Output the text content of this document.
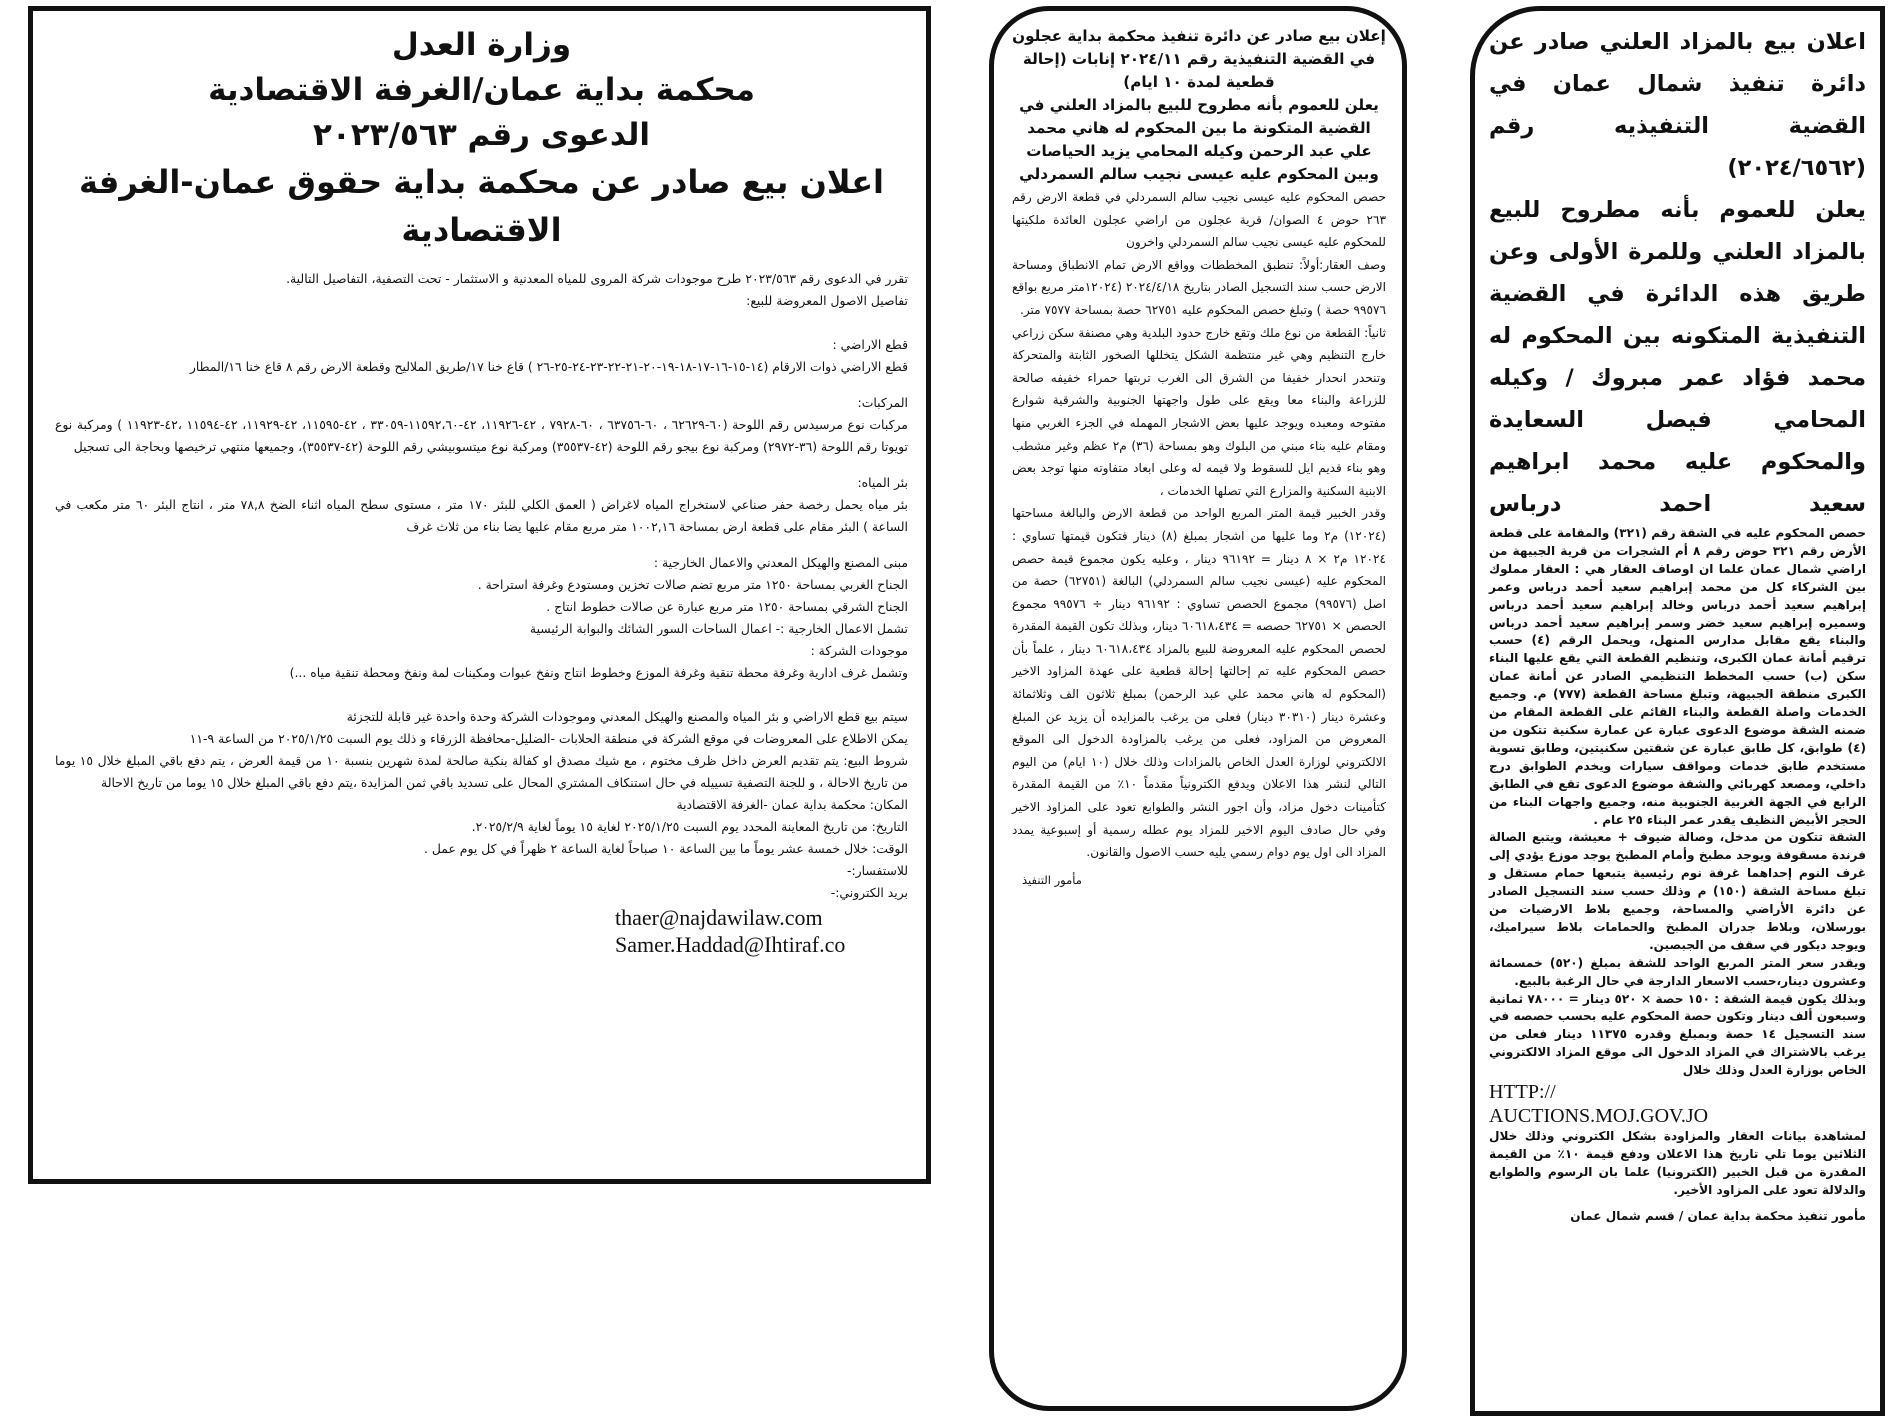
وزارة العدل

محكمة بداية عمان/الغرفة الاقتصادية

الدعوى رقم ٢٠٢٣/٥٦٣

اعلان بيع صادر عن محكمة بداية حقوق عمان-الغرفة الاقتصادية

تقرر في الدعوى رقم ٢٠٢٣/٥٦٣ طرح موجودات شركة المروى للمياه المعدنية و الاستثمار - تحت التصفية، التفاصيل التالية.

تفاصيل الاصول المعروضة للبيع:

قطع الاراضي :

قطع الاراضي ذوات الارقام (١٤-١٥-١٦-١٧-١٨-١٩-٢٠-٢١-٢٢-٢٣-٢٤-٢٥-٢٦ ) قاع خنا ١٧/طريق الملاليح وقطعة الارض رقم ٨ قاع خنا ١٦/المطار

المركبات:

مركبات نوع مرسيدس رقم اللوحة (٦٠-٦٢٦٢٩ ، ٦٠-٦٣٧٥٦ ، ٦٠-٧٩٢٨ ، ٤٢-١١٩٢٦، ٤٢-١١٥٩٢،٦٠-٣٣٠٥٩ ، ٤٢-١١٥٩٥، ٤٢-١١٩٢٩، ٤٢-١١٥٩٤ ،٤٢-١١٩٢٣ ) ومركبة نوع تويوتا رقم اللوحة (٣٦-٢٩٧٢) ومركبة نوع بيجو رقم اللوحة (٤٢-٣٥٥٣٧) ومركبة نوع ميتسوبيشي رقم اللوحة (٤٢-٣٥٥٣٧)، وجميعها منتهي ترخيصها وبحاجة الى تسجيل

بئر المياه:

بئر مياه يحمل رخصة حفر صناعي لاستخراج المياه لاغراض ( العمق الكلي للبئر ١٧٠ متر ، مستوى سطح المياه اثناء الضخ ٧٨,٨ متر ، انتاج البئر ٦٠ متر مكعب في الساعة ) البئر مقام على قطعة ارض بمساحة ١٠٠٢,١٦ متر مربع مقام عليها يضا بناء من ثلاث غرف

مبنى المصنع والهيكل المعدني والاعمال الخارجية :

الجناح الغربي بمساحة ١٢٥٠ متر مربع تضم صالات تخزين ومستودع وغرفة استراحة .

الجناح الشرقي بمساحة ١٢٥٠ متر مربع عبارة عن صالات خطوط انتاج .

تشمل الاعمال الخارجية :- اعمال الساحات السور الشائك والبوابة الرئيسية

موجودات الشركة :

وتشمل غرف ادارية وغرفة محطة تنقية وغرفة الموزع وخطوط انتاج ونفخ عبوات ومكينات لمة ونفخ ومحطة تنقية مياه ...)

سيتم بيع قطع الاراضي و بئر المياه والمصنع والهيكل المعدني وموجودات الشركة وحدة واحدة غير قابلة للتجزئة

يمكن الاطلاع على المعروضات في موقع الشركة في منطقة الحلابات -الضليل-محافظة الزرقاء و ذلك يوم السبت ٢٠٢٥/١/٢٥ من الساعة ٩-١١

شروط البيع: يتم تقديم العرض داخل ظرف مختوم ، مع شيك مصدق او كفالة بنكية صالحة لمدة شهرين بنسبة ١٠ من قيمة العرض ، يتم دفع باقي المبلغ خلال ١٥ يوما من تاريخ الاحالة ، و للجنة التصفية تسييله في حال استنكاف المشتري المحال على تسديد باقي ثمن المزايدة ،يتم دفع باقي المبلغ خلال ١٥ يوما من تاريخ الاحالة

المكان: محكمة بداية عمان -الغرفة الاقتصادية

التاريخ: من تاريخ المعاينة المحدد يوم السبت ٢٠٢٥/١/٢٥ لغاية ١٥ يوماً لغاية ٢٠٢٥/٢/٩.

الوقت: خلال خمسة عشر يوماً ما بين الساعة ١٠ صباحاً لغاية الساعة ٢ ظهراً في كل يوم عمل .

للاستفسار:-

بريد الكتروني:-

thaer@najdawilaw.com

Samer.Haddad@Ihtiraf.co

إعلان بيع صادر عن دائرة تنفيذ محكمة بداية عجلون في القضية التنفيذية رقم ٢٠٢٤/١١ إنابات (إحالة قطعية لمدة ١٠ ايام)

يعلن للعموم بأنه مطروح للبيع بالمزاد العلني في القضية المتكونة ما بين المحكوم له هاني محمد علي عبد الرحمن وكيله المحامي يزيد الحياصات وبين المحكوم عليه عيسى نجيب سالم السمردلي

حصص المحكوم عليه عيسى نجيب سالم السمردلي في قطعة الارض رقم ٢٦٣ حوض ٤ الصوان/ قرية عجلون من اراضي عجلون العائدة ملكيتها للمحكوم عليه عيسى نجيب سالم السمردلي واخرون

وصف العقار:أولاً: تنطبق المخططات وواقع الارض تمام الانطباق ومساحة الارض حسب سند التسجيل الصادر بتاريخ ٢٠٢٤/٤/١٨ (١٢٠٢٤متر مربع بواقع ٩٩٥٧٦ حصة ) وتبلغ حصص المحكوم عليه ٦٢٧٥١ حصة بمساحة ٧٥٧٧ متر.

ثانياً: القطعة من نوع ملك وتقع خارج حدود البلدية وهي مصنفة سكن زراعي خارج التنظيم وهي غير منتظمة الشكل يتخللها الصخور الثابتة والمتحركة وتنحدر انحدار خفيفا من الشرق الى الغرب تربتها حمراء خفيفه صالحة للزراعة والبناء معا ويقع على طول واجهتها الجنوبية والشرقية شوارع مفتوحه ومعبده ويوجد عليها بعض الاشجار المهمله في الجزء الغربي منها ومقام عليه بناء مبني من البلوك وهو بمساحة (٣٦) م٢ عظم وغير مشطب وهو بناء قديم ايل للسقوط ولا قيمه له وعلى ابعاد متفاوته منها توجد بعض الابنية السكنية والمزارع التي تصلها الخدمات ،

وقدر الخبير قيمة المتر المربع الواحد من قطعة الارض والبالغة مساحتها (١٢٠٢٤) م٢ وما عليها من اشجار بمبلغ (٨) دينار فتكون قيمتها تساوي : ١٢٠٢٤ م٢ × ٨ دينار = ٩٦١٩٢ دينار ، وعليه يكون مجموع قيمة حصص المحكوم عليه (عيسى نجيب سالم السمردلي) البالغة (٦٢٧٥١) حصة من اصل (٩٩٥٧٦) مجموع الحصص تساوي : ٩٦١٩٢ دينار ÷ ٩٩٥٧٦ مجموع الحصص × ٦٢٧٥١ حصصه = ٦٠٦١٨،٤٣٤ دينار، وبذلك تكون القيمة المقدرة لحصص المحكوم عليه المعروضة للبيع بالمزاد ٦٠٦١٨،٤٣٤ دينار ، علماً بأن حصص المحكوم عليه تم إحالتها إحالة قطعية على عهدة المزاود الاخير (المحكوم له هاني محمد علي عبد الرحمن) بمبلغ ثلاثون الف وثلاثمائة وعشرة دينار (٣٠٣١٠ دينار) فعلى من يرغب بالمزايده أن يزيد عن المبلغ المعروض من المزاود، فعلى من يرغب بالمزاودة الدخول الى الموقع الالكتروني لوزارة العدل الخاص بالمزادات وذلك خلال (١٠ ايام) من اليوم التالي لنشر هذا الاعلان ويدفع الكترونياً مقدماً ١٠٪ من القيمة المقدرة كتأمينات دخول مزاد، وأن اجور النشر والطوابع تعود على المزاود الاخير وفي حال صادف اليوم الاخير للمزاد يوم عطله رسمية أو إسبوعية يمدد المزاد الى اول يوم دوام رسمي يليه حسب الاصول والقانون.

مأمور التنفيذ

اعلان بيع بالمزاد العلني صادر عن دائرة تنفيذ شمال عمان في القضية التنفيذيه رقم (٢٠٢٤/٦٥٦٢)

يعلن للعموم بأنه مطروح للبيع بالمزاد العلني وللمرة الأولى وعن طريق هذه الدائرة في القضية التنفيذية المتكونه بين المحكوم له محمد فؤاد عمر مبروك / وكيله المحامي فيصل السعايدة والمحكوم عليه محمد ابراهيم سعيد احمد درباس

حصص المحكوم عليه في الشقة رقم (٣٢١) والمقامة على قطعة الأرض رقم ٣٢١ حوض رقم ٨ أم الشجرات من قرية الجبيهة من اراضي شمال عمان علما ان اوصاف العقار هي : العقار مملوك بين الشركاء كل من محمد إبراهيم سعيد أحمد درباس وعمر إبراهيم سعيد أحمد درباس وخالد إبراهيم سعيد أحمد درباس وسميره إبراهيم سعيد خضر وسمر إبراهيم سعيد أحمد درباس والبناء يقع مقابل مدارس المنهل، ويحمل الرقم (٤) حسب ترقيم أمانة عمان الكبرى، وتنظيم القطعة التي يقع عليها البناء سكن (ب) حسب المخطط التنظيمي الصادر عن أمانة عمان الكبرى منطقة الجبيهة، وتبلغ مساحة القطعة (٧٧٧) م. وجميع الخدمات واصلة القطعة والبناء القائم على القطعة المقام من ضمنه الشقة موضوع الدعوى عبارة عن عمارة سكنية تتكون من (٤) طوابق، كل طابق عبارة عن شقتين سكنيتين، وطابق تسوية مستخدم طابق خدمات ومواقف سيارات ويخدم الطوابق درج داخلي، ومصعد كهربائي والشقة موضوع الدعوى تقع في الطابق الرابع في الجهة الغربية الجنوبية منه، وجميع واجهات البناء من الحجر الأبيض النظيف يقدر عمر البناء ٢٥ عام .

الشقة تتكون من مدخل، وصالة ضيوف + معيشة، ويتبع الصالة فرندة مسقوفة ويوجد مطبخ وأمام المطبخ يوجد موزع يؤدي إلى غرف النوم إحداهما غرفة نوم رئيسية يتبعها حمام مستقل و تبلغ مساحة الشقة (١٥٠) م وذلك حسب سند التسجيل الصادر عن دائرة الأراضي والمساحة، وجميع بلاط الارضيات من بورسلان، وبلاط جدران المطبخ والحمامات بلاط سيراميك، ويوجد ديكور في سقف من الجبصين.

ويقدر سعر المتر المربع الواحد للشقة بمبلغ (٥٢٠) خمسمائة وعشرون دينار،حسب الاسعار الدارجة في حال الرغبة بالبيع.

وبذلك يكون قيمة الشقة : ١٥٠ حصة × ٥٢٠ دينار = ٧٨٠٠٠ ثمانية وسبعون ألف دينار وتكون حصة المحكوم عليه بحسب حصصه في سند التسجيل ١٤ حصة وبمبلغ وقدره ١١٣٧٥ دينار فعلى من يرغب بالاشتراك في المزاد الدخول الى موقع المزاد الالكتروني الخاص بوزارة العدل وذلك خلال

HTTP://

AUCTIONS.MOJ.GOV.JO

لمشاهدة بيانات العقار والمزاودة بشكل الكتروني وذلك خلال الثلاثين يوما تلي تاريخ هذا الاعلان ودفع قيمة ١٠٪ من القيمة المقدرة من قبل الخبير (الكترونيا) علما بان الرسوم والطوابع والدلالة تعود على المزاود الأخير.

مأمور تنفيذ محكمة بداية عمان / قسم شمال عمان
